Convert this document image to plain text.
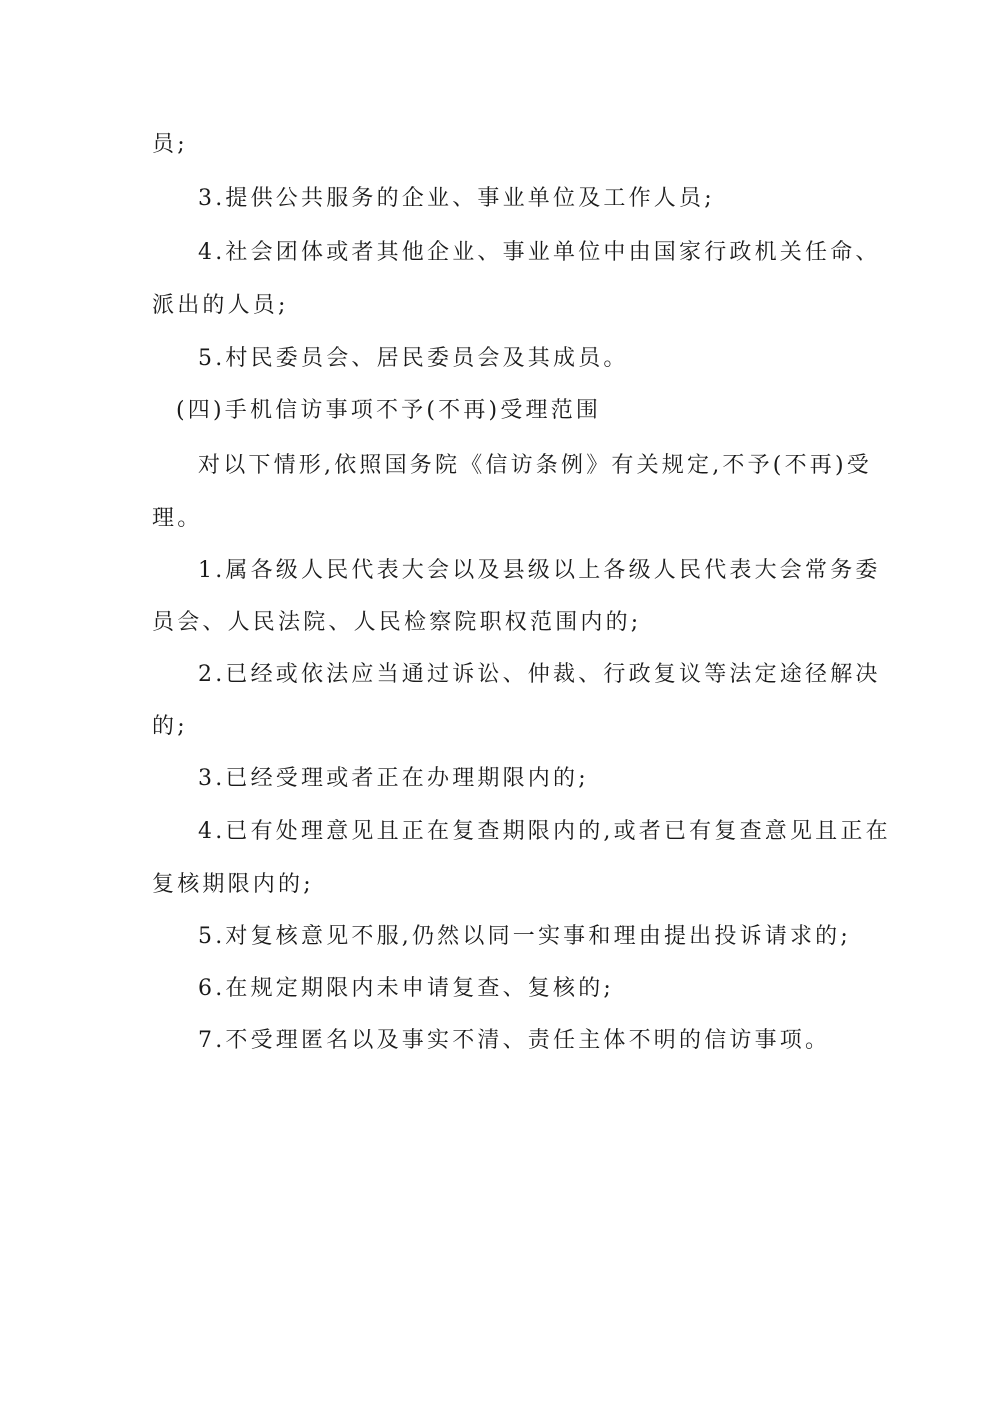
员;
3.提供公共服务的企业、事业单位及工作人员;
4.社会团体或者其他企业、事业单位中由国家行政机关任命、
派出的人员;
5.村民委员会、居民委员会及其成员。
(四)手机信访事项不予(不再)受理范围
对以下情形,依照国务院《信访条例》有关规定,不予(不再)受
理。
1.属各级人民代表大会以及县级以上各级人民代表大会常务委
员会、人民法院、人民检察院职权范围内的;
2.已经或依法应当通过诉讼、仲裁、行政复议等法定途径解决
的;
3.已经受理或者正在办理期限内的;
4.已有处理意见且正在复查期限内的,或者已有复查意见且正在
复核期限内的;
5.对复核意见不服,仍然以同一实事和理由提出投诉请求的;
6.在规定期限内未申请复查、复核的;
7.不受理匿名以及事实不清、责任主体不明的信访事项。
